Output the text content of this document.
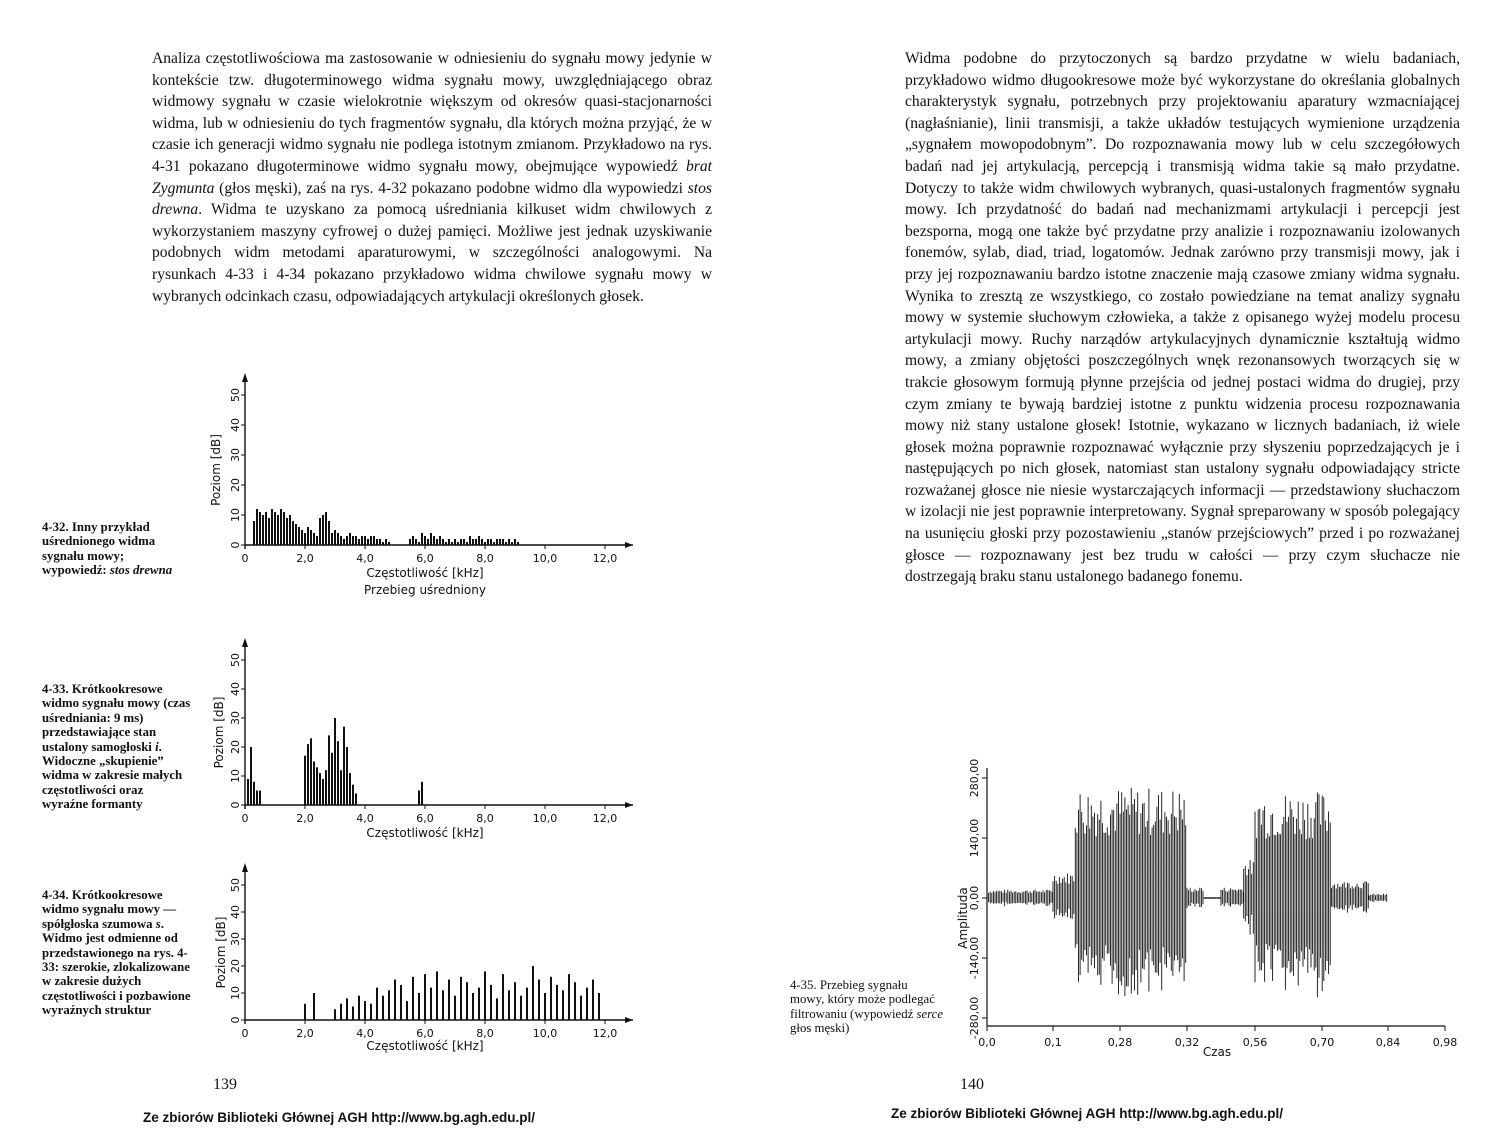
Analiza częstotliwościowa ma zastosowanie w odniesieniu do sygnału mowy jedynie w kontekście tzw. długoterminowego widma sygnału mowy, uwzględniającego obraz widmowy sygnału w czasie wielokrotnie większym od okresów quasi-stacjonarności widma, lub w odniesieniu do tych fragmentów sygnału, dla których można przyjąć, że w czasie ich generacji widmo sygnału nie podlega istotnym zmianom. Przykładowo na rys. 4-31 pokazano długoterminowe widmo sygnału mowy, obejmujące wypowiedź brat Zygmunta (głos męski), zaś na rys. 4-32 pokazano podobne widmo dla wypowiedzi stos drewna. Widma te uzyskano za pomocą uśredniania kilkuset widm chwilowych z wykorzystaniem maszyny cyfrowej o dużej pamięci. Możliwe jest jednak uzyskiwanie podobnych widm metodami aparaturowymi, w szczególności analogowymi. Na rysunkach 4-33 i 4-34 pokazano przykładowo widma chwilowe sygnału mowy w wybranych odcinkach czasu, odpowiadających artykulacji określonych głosek.

4-32. Inny przykład uśrednionego widma sygnału mowy; wypowiedź: stos drewna

4-33. Krótkookresowe widmo sygnału mowy (czas uśredniania: 9 ms) przedstawiające stan ustalony samogłoski i. Widoczne „skupienie” widma w zakresie małych częstotliwości oraz wyraźne formanty

4-34. Krótkookresowe widmo sygnału mowy — spółgłoska szumowa s. Widmo jest odmienne od przedstawionego na rys. 4-33: szerokie, zlokalizowane w zakresie dużych częstotliwości i pozbawione wyraźnych struktur

0	2,0	4,0	6,0	8,0	10,0	12,0
0
10
20
30
40
50
Poziom [dB]
Częstotliwość [kHz]
Przebieg uśredniony
0	2,0	4,0	6,0	8,0	10,0	12,0
0
10
20
30
40
50
Poziom [dB]
Częstotliwość [kHz]
0	2,0	4,0	6,0	8,0	10,0	12,0
0
10
20
30
40
50
Poziom [dB]
Częstotliwość [kHz]

139

Ze zbiorów Biblioteki Głównej AGH http://www.bg.agh.edu.pl/

Widma podobne do przytoczonych są bardzo przydatne w wielu badaniach, przykładowo widmo długookresowe może być wykorzystane do określania globalnych charakterystyk sygnału, potrzebnych przy projektowaniu aparatury wzmacniającej (nagłaśnianie), linii transmisji, a także układów testujących wymienione urządzenia „sygnałem mowopodobnym”. Do rozpoznawania mowy lub w celu szczegółowych badań nad jej artykulacją, percepcją i transmisją widma takie są mało przydatne. Dotyczy to także widm chwilowych wybranych, quasi-ustalonych fragmentów sygnału mowy. Ich przydatność do badań nad mechanizmami artykulacji i percepcji jest bezsporna, mogą one także być przydatne przy analizie i rozpoznawaniu izolowanych fonemów, sylab, diad, triad, logatomów. Jednak zarówno przy transmisji mowy, jak i przy jej rozpoznawaniu bardzo istotne znaczenie mają czasowe zmiany widma sygnału. Wynika to zresztą ze wszystkiego, co zostało powiedziane na temat analizy sygnału mowy w systemie słuchowym człowieka, a także z opisanego wyżej modelu procesu artykulacji mowy. Ruchy narządów artykulacyjnych dynamicznie kształtują widmo mowy, a zmiany objętości poszczególnych wnęk rezonansowych tworzących się w trakcie głosowym formują płynne przejścia od jednej postaci widma do drugiej, przy czym zmiany te bywają bardziej istotne z punktu widzenia procesu rozpoznawania mowy niż stany ustalone głosek! Istotnie, wykazano w licznych badaniach, iż wiele głosek można poprawnie rozpoznawać wyłącznie przy słyszeniu poprzedzających je i następujących po nich głosek, natomiast stan ustalony sygnału odpowiadający stricte rozważanej głosce nie niesie wystarczających informacji — przedstawiony słuchaczom w izolacji nie jest poprawnie interpretowany. Sygnał spreparowany w sposób polegający na usunięciu głoski przy pozostawieniu „stanów przejściowych” przed i po rozważanej głosce — rozpoznawany jest bez trudu w całości — przy czym słuchacze nie dostrzegają braku stanu ustalonego badanego fonemu.

4-35. Przebieg sygnału mowy, który może podlegać filtrowaniu (wypowiedź serce głos męski)

0,0	0,1	0,28	0,32	0,56	0,70	0,84	0,98
-280,00
-140,00
0,00
140,00
280,00
Amplituda
Czas

140

Ze zbiorów Biblioteki Głównej AGH http://www.bg.agh.edu.pl/
